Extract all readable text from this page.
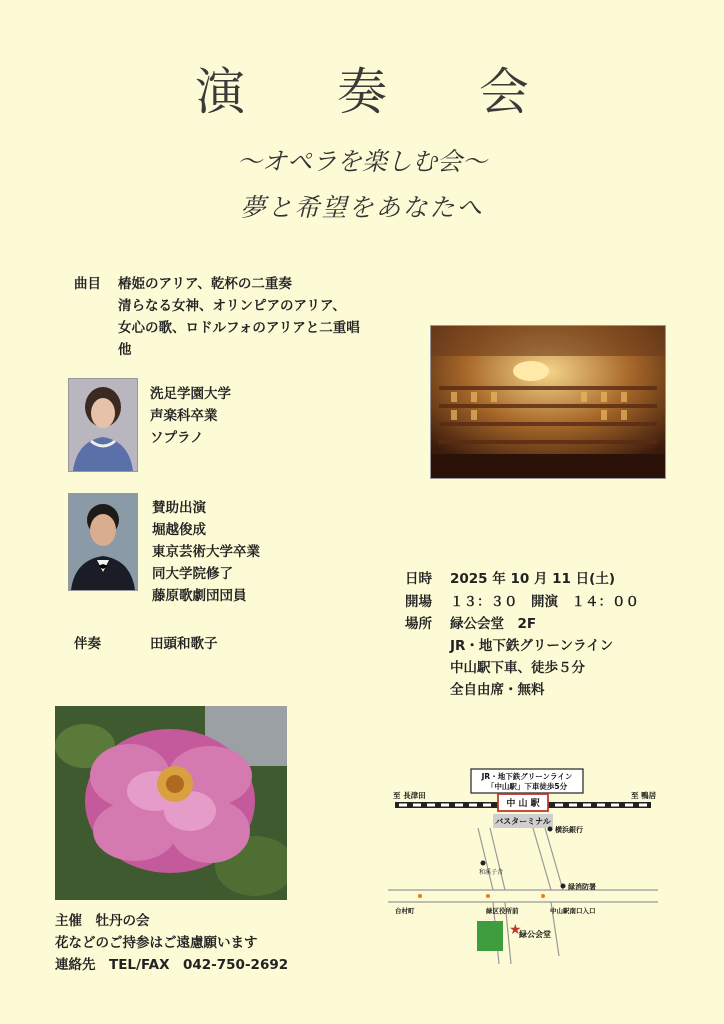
演 奏 会
〜オペラを楽しむ会〜
夢と希望をあなたへ
曲目 椿姫のアリア、乾杯の二重奏
清らなる女神、オリンピアのアリア、
女心の歌、ロドルフォのアリアと二重唱
他
洗足学園大学
声楽科卒業
ソプラノ
賛助出演
堀越俊成
東京芸術大学卒業
同大学院修了
藤原歌劇団団員
伴奏	田頭和歌子
日時 2025 年 10 月 11 日(土)
開場 １３：３０　開演　１４：００
場所 緑公会堂　2F
JR・地下鉄グリーンライン
中山駅下車、徒歩５分
全自由席・無料
主催　牡丹の会
花などのご持参はご遠慮願います
連絡先　TEL/FAX　042-750-2692
JR・地下鉄グリーンライン
「中山駅」下車徒歩5分
至 長津田	至 鴨居
中 山 駅
バスターミナル
横浜銀行
和溪子舎
緑消防署
台村町	緑区役所前	中山駅南口入口
★
緑公会堂
